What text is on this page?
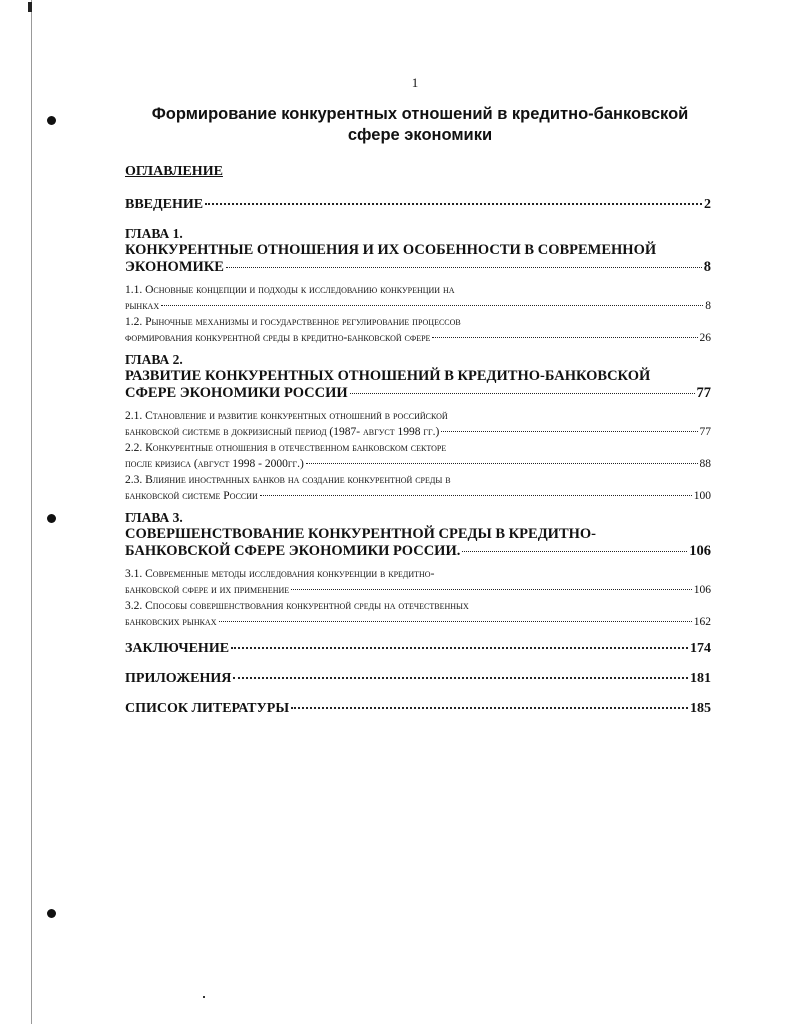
1
Формирование конкурентных отношений в кредитно-банковской
сфере экономики
ОГЛАВЛЕНИЕ
ВВЕДЕНИЕ	2
ГЛАВА 1.
КОНКУРЕНТНЫЕ ОТНОШЕНИЯ И ИХ ОСОБЕННОСТИ В СОВРЕМЕННОЙ
ЭКОНОМИКЕ	8
1.1. Основные концепции и подходы к исследованию конкуренции на
рынках	8
1.2. Рыночные механизмы и государственное регулирование процессов
формирования конкурентной среды в кредитно-банковской сфере	26
ГЛАВА 2.
РАЗВИТИЕ КОНКУРЕНТНЫХ ОТНОШЕНИЙ В КРЕДИТНО-БАНКОВСКОЙ
СФЕРЕ ЭКОНОМИКИ РОССИИ	77
2.1. Становление и развитие конкурентных отношений в российской
банковской системе в докризисный период (1987- август 1998 гг.)	77
2.2. Конкурентные отношения в отечественном банковском секторе
после кризиса (август 1998 - 2000гг.)	88
2.3. Влияние иностранных банков на создание конкурентной среды в
банковской системе России	100
ГЛАВА 3.
СОВЕРШЕНСТВОВАНИЕ КОНКУРЕНТНОЙ СРЕДЫ В КРЕДИТНО-
БАНКОВСКОЙ СФЕРЕ ЭКОНОМИКИ РОССИИ.	106
3.1. Современные методы исследования конкуренции в кредитно-
банковской сфере и их применение	106
3.2. Способы совершенствования конкурентной среды на отечественных
банковских рынках	162
ЗАКЛЮЧЕНИЕ	174
ПРИЛОЖЕНИЯ	181
СПИСОК ЛИТЕРАТУРЫ	185
